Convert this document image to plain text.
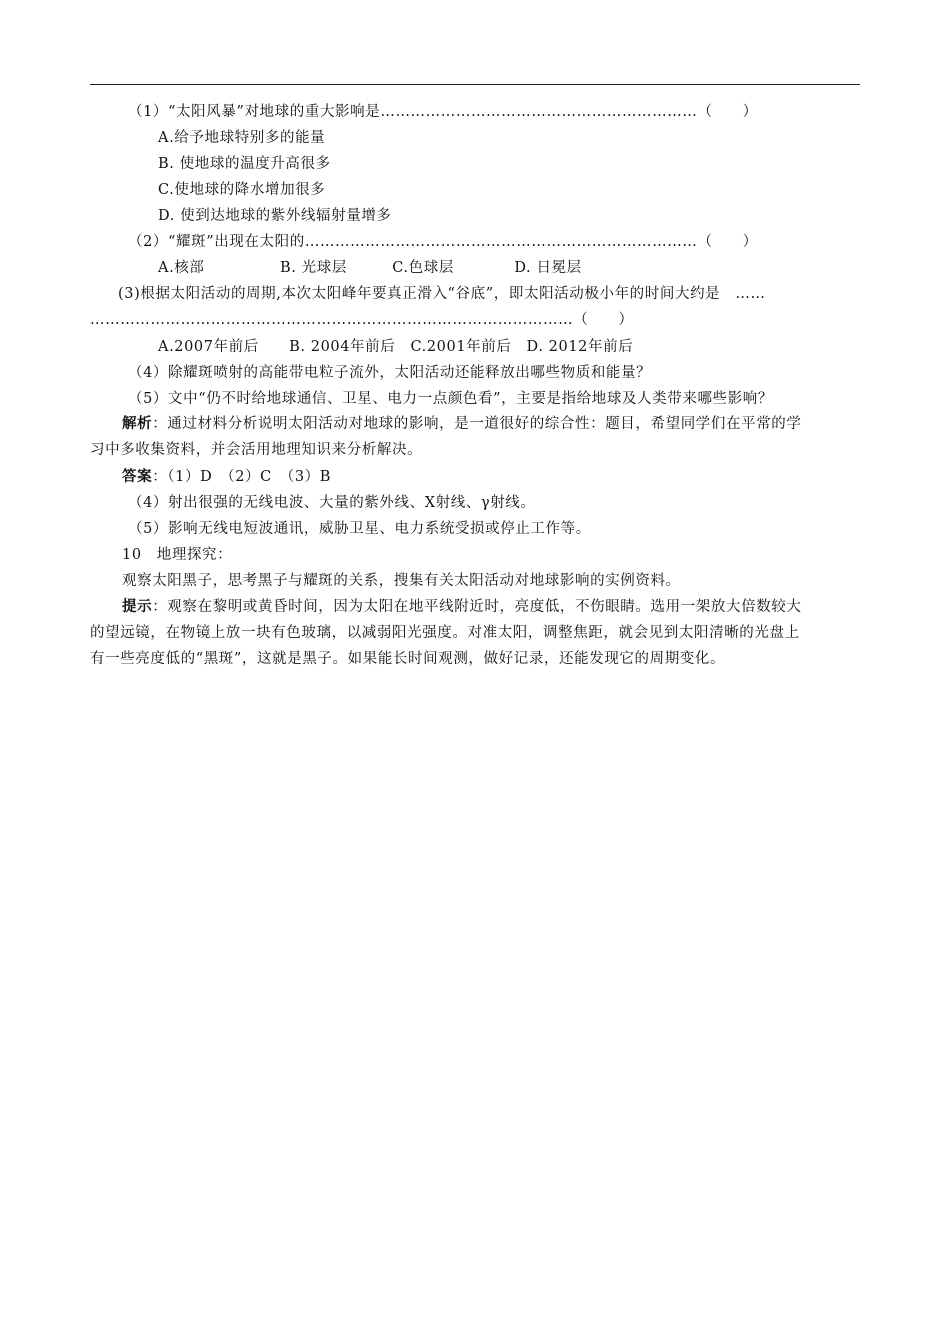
（1）“太阳风暴”对地球的重大影响是………………………………………………………（　　）
A.给予地球特别多的能量
B. 使地球的温度升高很多
C.使地球的降水增加很多
D. 使到达地球的紫外线辐射量增多
（2）“耀斑”出现在太阳的……………………………………………………………………（　　）
A.核部　　　　　B. 光球层　　　C.色球层　　　　D. 日冕层
(3)根据太阳活动的周期,本次太阳峰年要真正滑入“谷底”，即太阳活动极小年的时间大约是　……
……………………………………………………………………………………（　　）
A.2007年前后　　B. 2004年前后　C.2001年前后　D. 2012年前后
（4）除耀斑喷射的高能带电粒子流外，太阳活动还能释放出哪些物质和能量？
（5）文中“仍不时给地球通信、卫星、电力一点颜色看”，主要是指给地球及人类带来哪些影响？
解析：通过材料分析说明太阳活动对地球的影响，是一道很好的综合性：题目，希望同学们在平常的学
习中多收集资料，并会活用地理知识来分析解决。
答案：（1）D　（2）C　（3）B
（4）射出很强的无线电波、大量的紫外线、X射线、γ射线。
（5）影响无线电短波通讯，威胁卫星、电力系统受损或停止工作等。
10　地理探究：
观察太阳黑子，思考黑子与耀斑的关系，搜集有关太阳活动对地球影响的实例资料。
提示：观察在黎明或黄昏时间，因为太阳在地平线附近时，亮度低，不伤眼睛。选用一架放大倍数较大
的望远镜，在物镜上放一块有色玻璃，以减弱阳光强度。对准太阳，调整焦距，就会见到太阳清晰的光盘上
有一些亮度低的“黑斑”，这就是黑子。如果能长时间观测，做好记录，还能发现它的周期变化。
